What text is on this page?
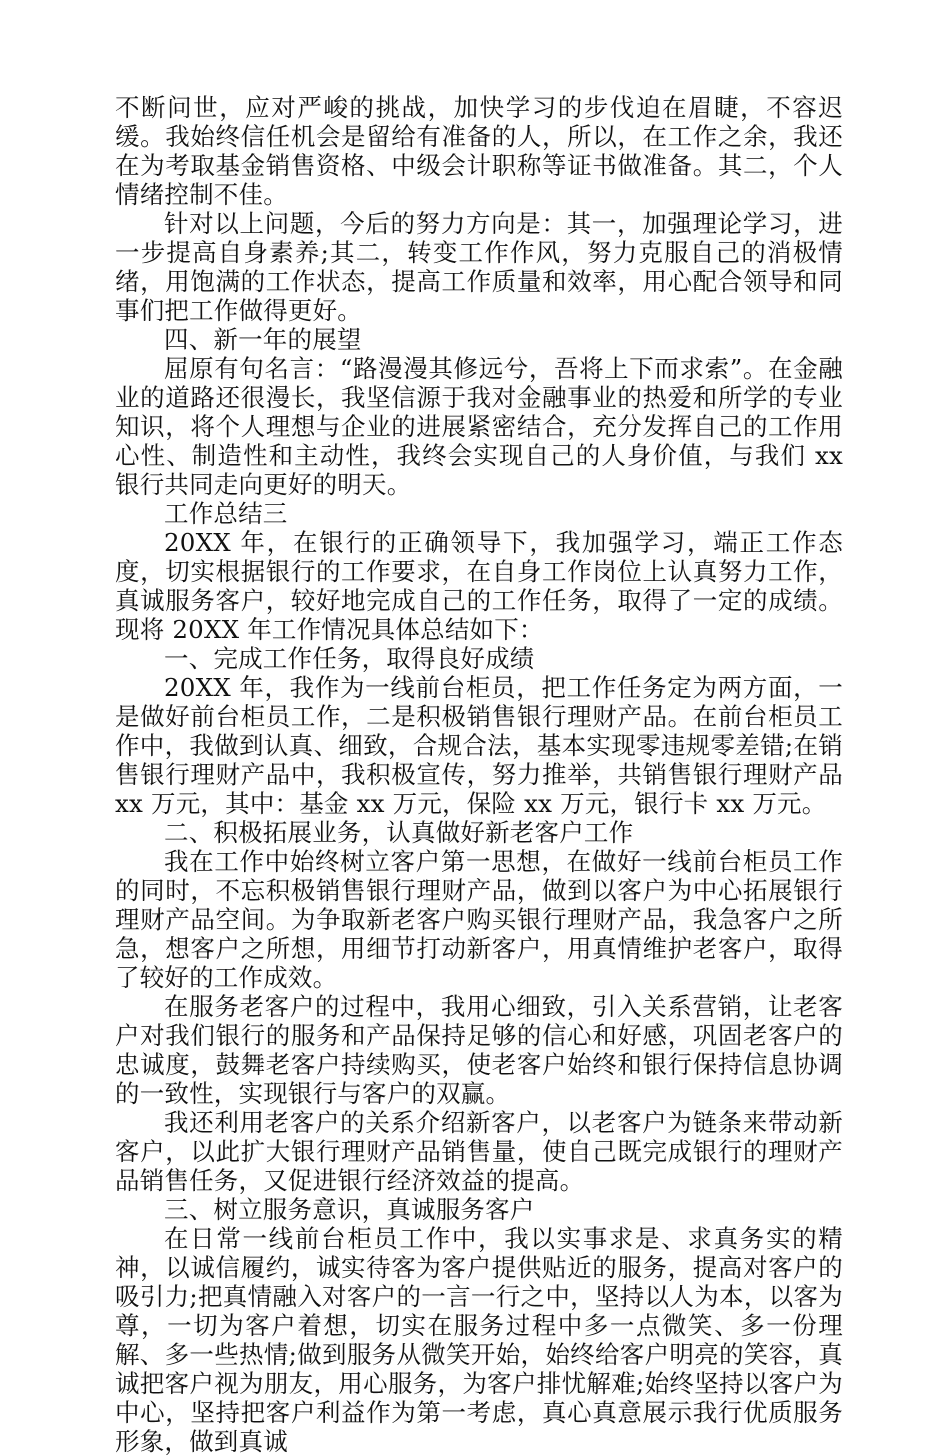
不断问世，应对严峻的挑战，加快学习的步伐迫在眉睫，不容迟缓。我始终信任机会是留给有准备的人，所以，在工作之余，我还在为考取基金销售资格、中级会计职称等证书做准备。其二，个人情绪控制不佳。

针对以上问题，今后的努力方向是：其一，加强理论学习，进一步提高自身素养;其二，转变工作作风，努力克服自己的消极情绪，用饱满的工作状态，提高工作质量和效率，用心配合领导和同事们把工作做得更好。

四、新一年的展望

屈原有句名言：“路漫漫其修远兮，吾将上下而求索”。在金融业的道路还很漫长，我坚信源于我对金融事业的热爱和所学的专业知识，将个人理想与企业的进展紧密结合，充分发挥自己的工作用心性、制造性和主动性，我终会实现自己的人身价值，与我们 xx 银行共同走向更好的明天。

工作总结三

20XX 年，在银行的正确领导下，我加强学习，端正工作态度，切实根据银行的工作要求，在自身工作岗位上认真努力工作，真诚服务客户，较好地完成自己的工作任务，取得了一定的成绩。现将 20XX 年工作情况具体总结如下：

一、完成工作任务，取得良好成绩

20XX 年，我作为一线前台柜员，把工作任务定为两方面，一是做好前台柜员工作，二是积极销售银行理财产品。在前台柜员工作中，我做到认真、细致，合规合法，基本实现零违规零差错;在销售银行理财产品中，我积极宣传，努力推举，共销售银行理财产品 xx 万元，其中：基金 xx 万元，保险 xx 万元，银行卡 xx 万元。

二、积极拓展业务，认真做好新老客户工作

我在工作中始终树立客户第一思想，在做好一线前台柜员工作的同时，不忘积极销售银行理财产品，做到以客户为中心拓展银行理财产品空间。为争取新老客户购买银行理财产品，我急客户之所急，想客户之所想，用细节打动新客户，用真情维护老客户，取得了较好的工作成效。

在服务老客户的过程中，我用心细致，引入关系营销，让老客户对我们银行的服务和产品保持足够的信心和好感，巩固老客户的忠诚度，鼓舞老客户持续购买，使老客户始终和银行保持信息协调的一致性，实现银行与客户的双赢。

我还利用老客户的关系介绍新客户，以老客户为链条来带动新客户，以此扩大银行理财产品销售量，使自己既完成银行的理财产品销售任务，又促进银行经济效益的提高。

三、树立服务意识，真诚服务客户

在日常一线前台柜员工作中，我以实事求是、求真务实的精神，以诚信履约，诚实待客为客户提供贴近的服务，提高对客户的吸引力;把真情融入对客户的一言一行之中，坚持以人为本，以客为尊，一切为客户着想，切实在服务过程中多一点微笑、多一份理解、多一些热情;做到服务从微笑开始，始终给客户明亮的笑容，真诚把客户视为朋友，用心服务，为客户排忧解难;始终坚持以客户为中心，坚持把客户利益作为第一考虑，真心真意展示我行优质服务形象，做到真诚
